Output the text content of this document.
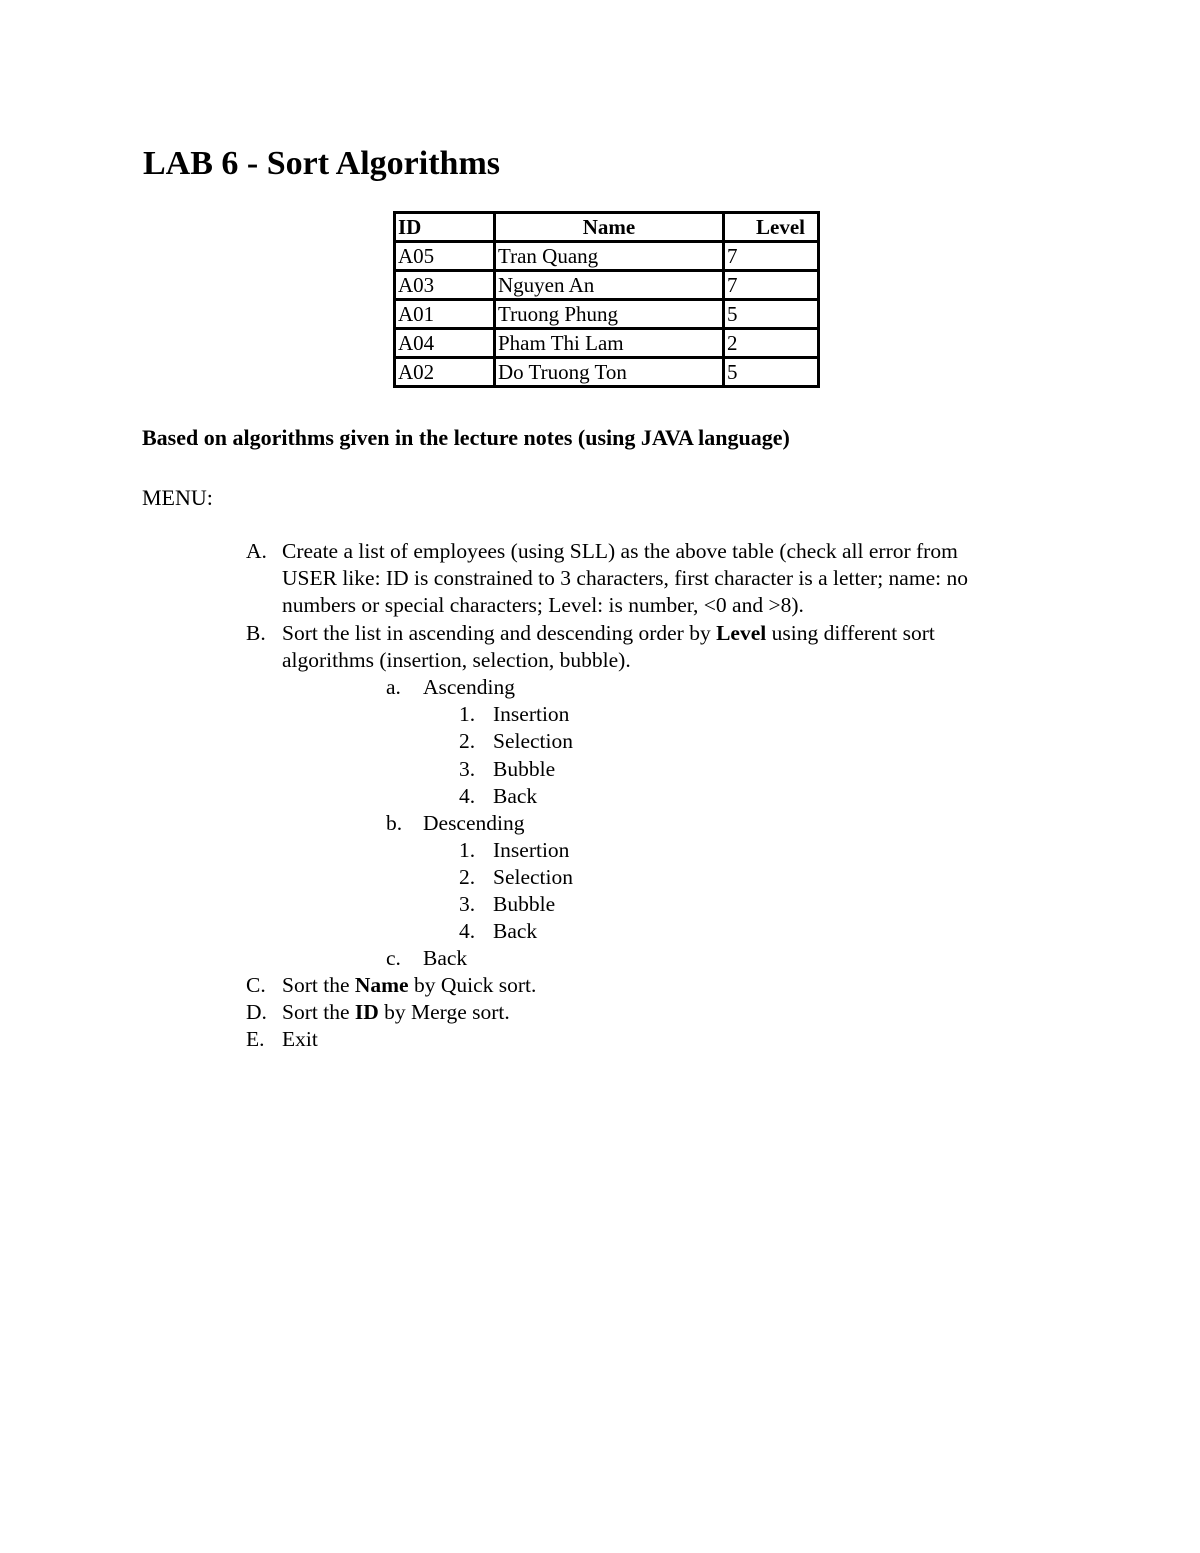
LAB 6 - Sort Algorithms
ID	Name	Level
A05	Tran Quang	7
A03	Nguyen An	7
A01	Truong Phung	5
A04	Pham Thi Lam	2
A02	Do Truong Ton	5
Based on algorithms given in the lecture notes (using JAVA language)
MENU:
A. Create a list of employees (using SLL) as the above table (check all error from
USER like: ID is constrained to 3 characters, first character is a letter; name: no
numbers or special characters; Level: is number, <0 and >8).
B. Sort the list in ascending and descending order by Level using different sort
algorithms (insertion, selection, bubble).
a. Ascending
1. Insertion
2. Selection
3. Bubble
4. Back
b. Descending
1. Insertion
2. Selection
3. Bubble
4. Back
c. Back
C. Sort the Name by Quick sort.
D. Sort the ID by Merge sort.
E. Exit
